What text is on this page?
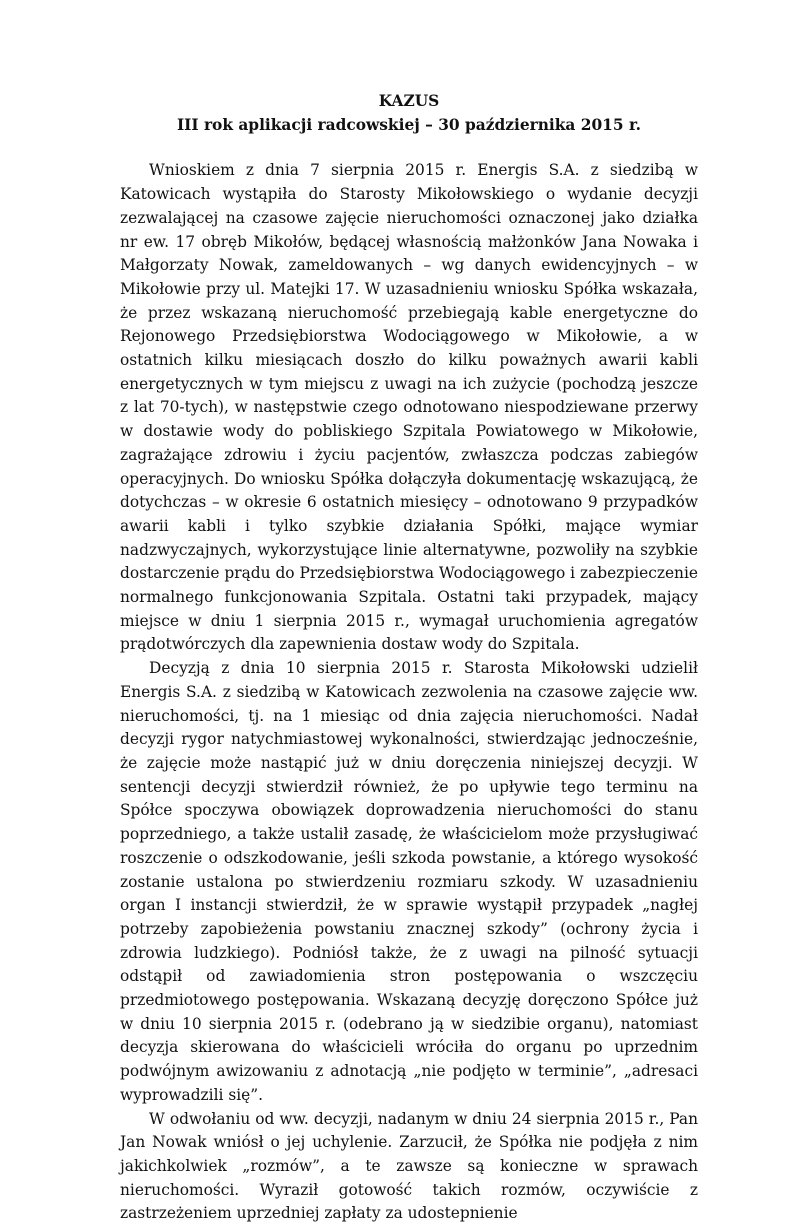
KAZUS
III rok aplikacji radcowskiej – 30 października 2015 r.

Wnioskiem z dnia 7 sierpnia 2015 r. Energis S.A. z siedzibą w Katowicach wystąpiła do Starosty Mikołowskiego o wydanie decyzji zezwalającej na czasowe zajęcie nieruchomości oznaczonej jako działka nr ew. 17 obręb Mikołów, będącej własnością małżonków Jana Nowaka i Małgorzaty Nowak, zameldowanych – wg danych ewidencyjnych – w Mikołowie przy ul. Matejki 17. W uzasadnieniu wniosku Spółka wskazała, że przez wskazaną nieruchomość przebiegają kable energetyczne do Rejonowego Przedsiębiorstwa Wodociągowego w Mikołowie, a w ostatnich kilku miesiącach doszło do kilku poważnych awarii kabli energetycznych w tym miejscu z uwagi na ich zużycie (pochodzą jeszcze z lat 70-tych), w następstwie czego odnotowano niespodziewane przerwy w dostawie wody do pobliskiego Szpitala Powiatowego w Mikołowie, zagrażające zdrowiu i życiu pacjentów, zwłaszcza podczas zabiegów operacyjnych. Do wniosku Spółka dołączyła dokumentację wskazującą, że dotychczas – w okresie 6 ostatnich miesięcy – odnotowano 9 przypadków awarii kabli i tylko szybkie działania Spółki, mające wymiar nadzwyczajnych, wykorzystujące linie alternatywne, pozwoliły na szybkie dostarczenie prądu do Przedsiębiorstwa Wodociągowego i zabezpieczenie normalnego funkcjonowania Szpitala. Ostatni taki przypadek, mający miejsce w dniu 1 sierpnia 2015 r., wymagał uruchomienia agregatów prądotwórczych dla zapewnienia dostaw wody do Szpitala.

Decyzją z dnia 10 sierpnia 2015 r. Starosta Mikołowski udzielił Energis S.A. z siedzibą w Katowicach zezwolenia na czasowe zajęcie ww. nieruchomości, tj. na 1 miesiąc od dnia zajęcia nieruchomości. Nadał decyzji rygor natychmiastowej wykonalności, stwierdzając jednocześnie, że zajęcie może nastąpić już w dniu doręczenia niniejszej decyzji. W sentencji decyzji stwierdził również, że po upływie tego terminu na Spółce spoczywa obowiązek doprowadzenia nieruchomości do stanu poprzedniego, a także ustalił zasadę, że właścicielom może przysługiwać roszczenie o odszkodowanie, jeśli szkoda powstanie, a którego wysokość zostanie ustalona po stwierdzeniu rozmiaru szkody. W uzasadnieniu organ I instancji stwierdził, że w sprawie wystąpił przypadek „nagłej potrzeby zapobieżenia powstaniu znacznej szkody” (ochrony życia i zdrowia ludzkiego). Podniósł także, że z uwagi na pilność sytuacji odstąpił od zawiadomienia stron postępowania o wszczęciu przedmiotowego postępowania. Wskazaną decyzję doręczono Spółce już w dniu 10 sierpnia 2015 r. (odebrano ją w siedzibie organu), natomiast decyzja skierowana do właścicieli wróciła do organu po uprzednim podwójnym awizowaniu z adnotacją „nie podjęto w terminie”, „adresaci wyprowadzili się”.

W odwołaniu od ww. decyzji, nadanym w dniu 24 sierpnia 2015 r., Pan Jan Nowak wniósł o jej uchylenie. Zarzucił, że Spółka nie podjęła z nim jakichkolwiek „rozmów”, a te zawsze są konieczne w sprawach nieruchomości. Wyraził gotowość takich rozmów, oczywiście z zastrzeżeniem uprzedniej zapłaty za udostepnienie
